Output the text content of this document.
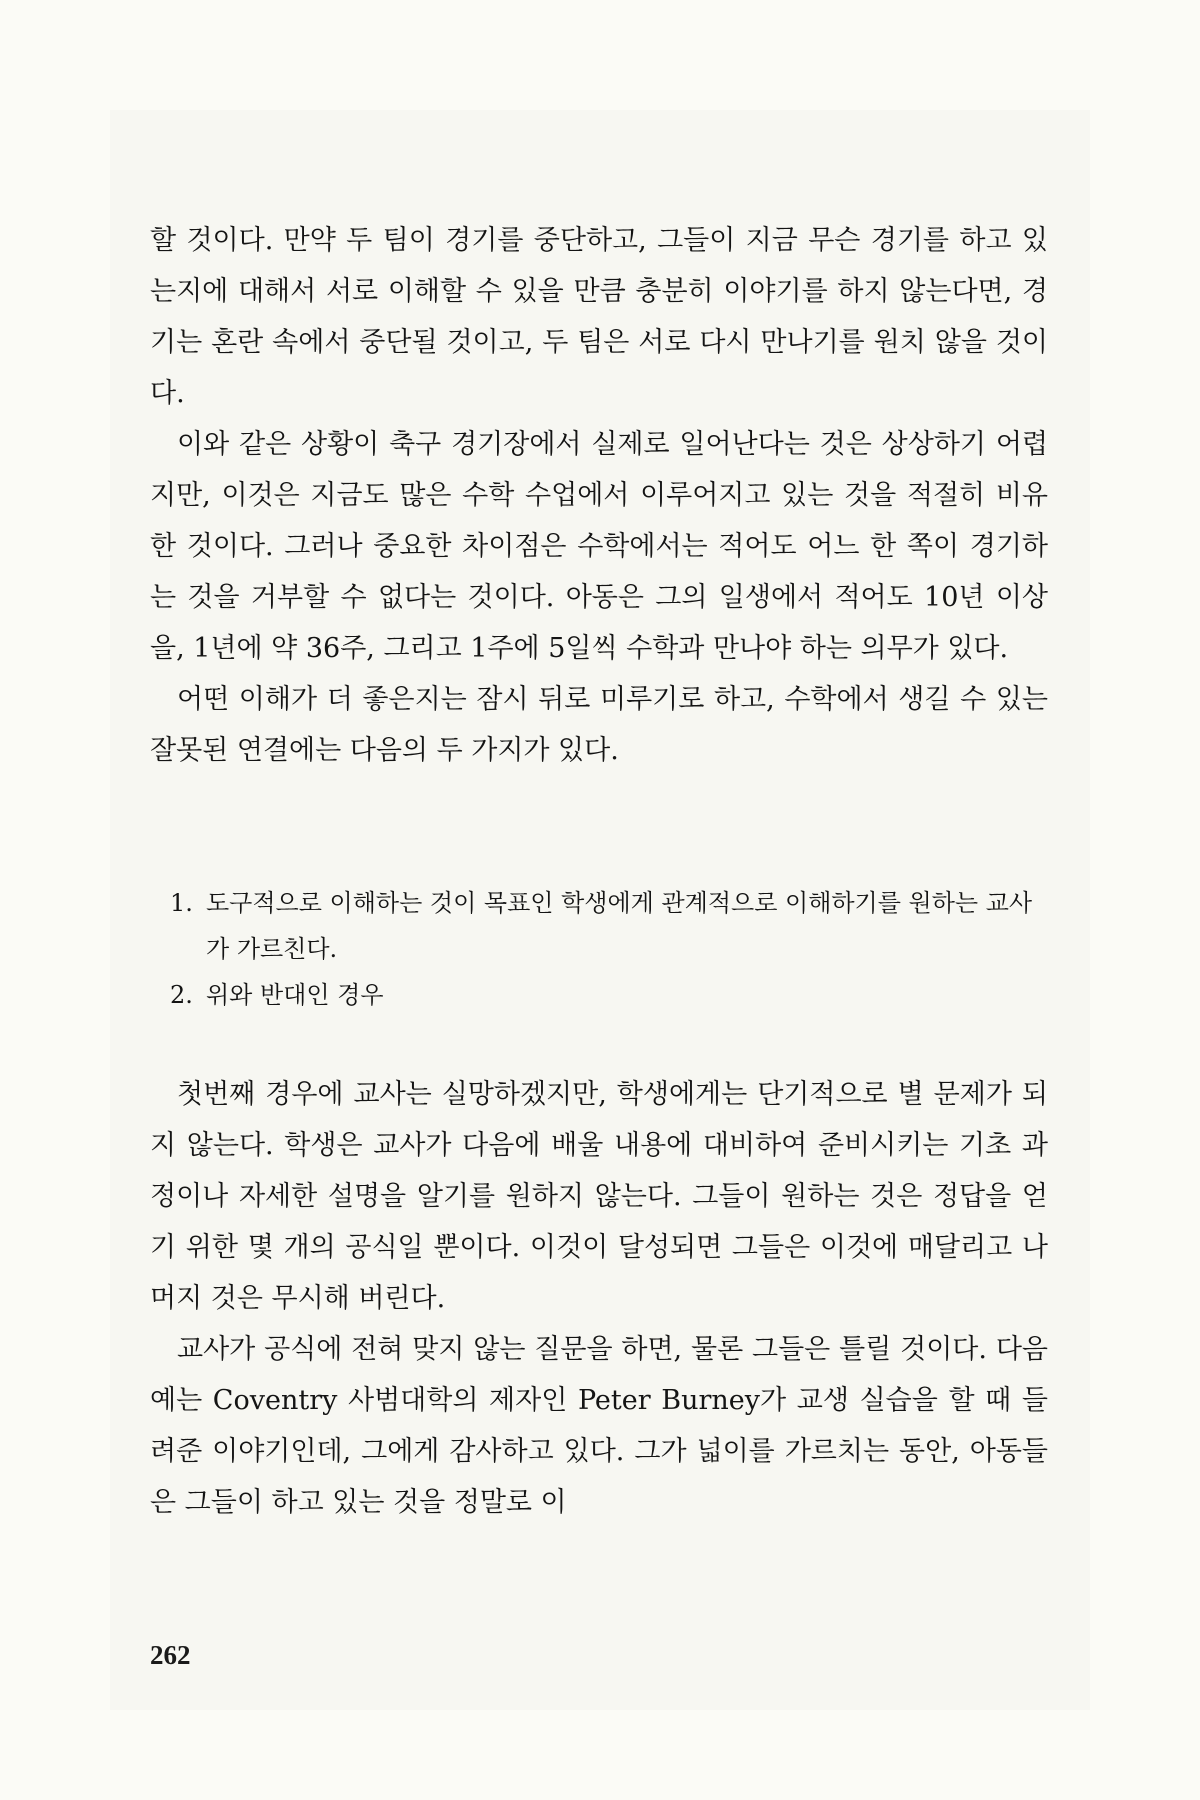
할 것이다. 만약 두 팀이 경기를 중단하고, 그들이 지금 무슨 경기를 하고 있는지에 대해서 서로 이해할 수 있을 만큼 충분히 이야기를 하지 않는다면, 경기는 혼란 속에서 중단될 것이고, 두 팀은 서로 다시 만나기를 원치 않을 것이다.

이와 같은 상황이 축구 경기장에서 실제로 일어난다는 것은 상상하기 어렵지만, 이것은 지금도 많은 수학 수업에서 이루어지고 있는 것을 적절히 비유한 것이다. 그러나 중요한 차이점은 수학에서는 적어도 어느 한 쪽이 경기하는 것을 거부할 수 없다는 것이다. 아동은 그의 일생에서 적어도 10년 이상을, 1년에 약 36주, 그리고 1주에 5일씩 수학과 만나야 하는 의무가 있다.

어떤 이해가 더 좋은지는 잠시 뒤로 미루기로 하고, 수학에서 생길 수 있는 잘못된 연결에는 다음의 두 가지가 있다.

1. 도구적으로 이해하는 것이 목표인 학생에게 관계적으로 이해하기를 원하는 교사가 가르친다.
2. 위와 반대인 경우

첫번째 경우에 교사는 실망하겠지만, 학생에게는 단기적으로 별 문제가 되지 않는다. 학생은 교사가 다음에 배울 내용에 대비하여 준비시키는 기초 과정이나 자세한 설명을 알기를 원하지 않는다. 그들이 원하는 것은 정답을 얻기 위한 몇 개의 공식일 뿐이다. 이것이 달성되면 그들은 이것에 매달리고 나머지 것은 무시해 버린다.

교사가 공식에 전혀 맞지 않는 질문을 하면, 물론 그들은 틀릴 것이다. 다음 예는 Coventry 사범대학의 제자인 Peter Burney가 교생 실습을 할 때 들려준 이야기인데, 그에게 감사하고 있다. 그가 넓이를 가르치는 동안, 아동들은 그들이 하고 있는 것을 정말로 이

262
